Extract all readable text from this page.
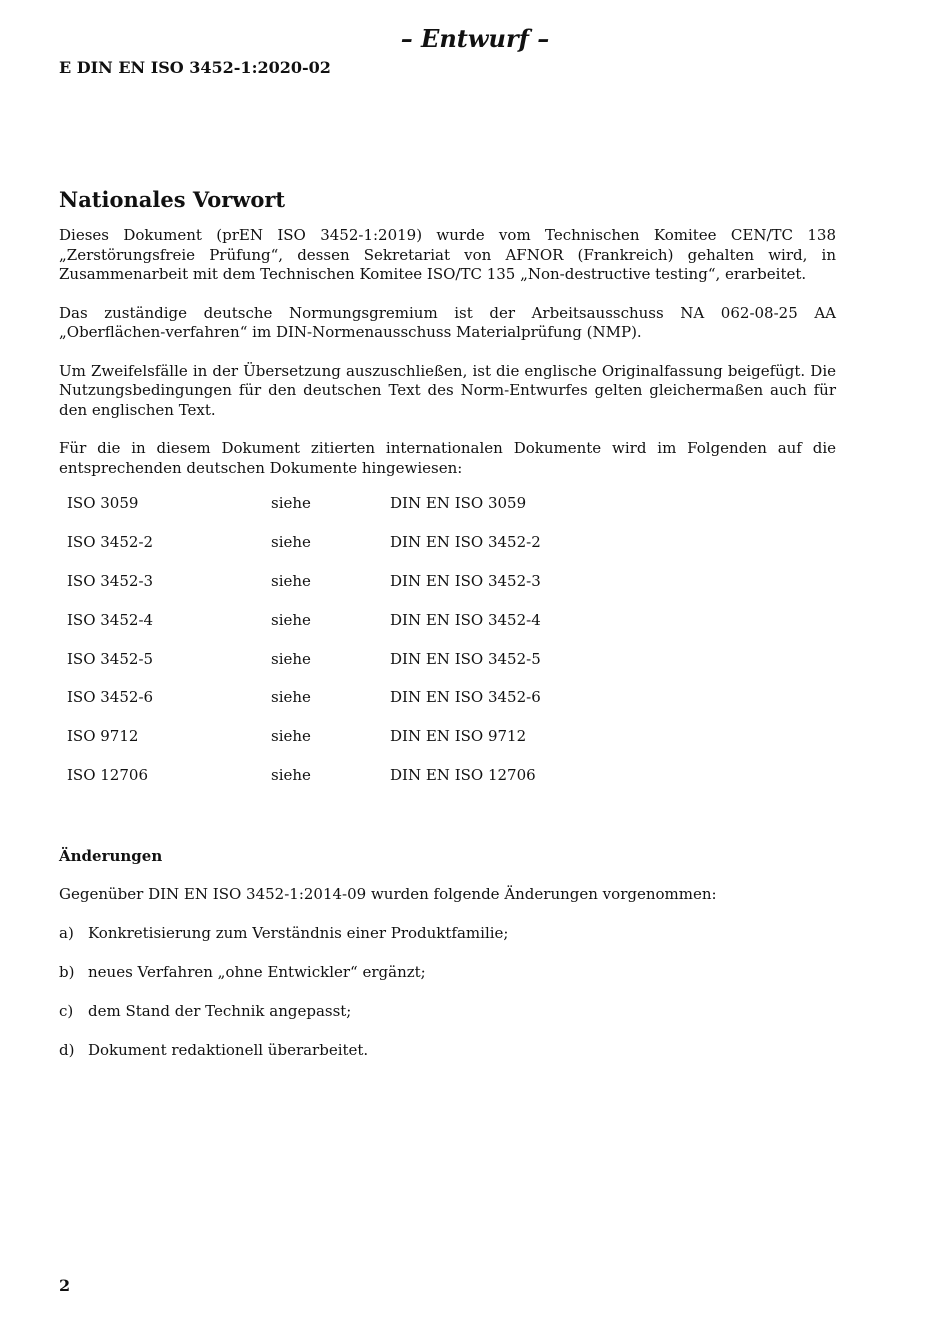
– Entwurf –
E DIN EN ISO 3452-1:2020-02
Nationales Vorwort

Dieses Dokument (prEN ISO 3452-1:2019) wurde vom Technischen Komitee CEN/TC 138 „Zerstörungsfreie Prüfung“, dessen Sekretariat von AFNOR (Frankreich) gehalten wird, in Zusammenarbeit mit dem Technischen Komitee ISO/TC 135 „Non-destructive testing“, erarbeitet.

Das zuständige deutsche Normungsgremium ist der Arbeitsausschuss NA 062-08-25 AA „Oberflächen-verfahren“ im DIN-Normenausschuss Materialprüfung (NMP).

Um Zweifelsfälle in der Übersetzung auszuschließen, ist die englische Originalfassung beigefügt. Die Nutzungsbedingungen für den deutschen Text des Norm-Entwurfes gelten gleichermaßen auch für den englischen Text.

Für die in diesem Dokument zitierten internationalen Dokumente wird im Folgenden auf die entsprechenden deutschen Dokumente hingewiesen:

ISO 3059	siehe	DIN EN ISO 3059
ISO 3452-2	siehe	DIN EN ISO 3452-2
ISO 3452-3	siehe	DIN EN ISO 3452-3
ISO 3452-4	siehe	DIN EN ISO 3452-4
ISO 3452-5	siehe	DIN EN ISO 3452-5
ISO 3452-6	siehe	DIN EN ISO 3452-6
ISO 9712	siehe	DIN EN ISO 9712
ISO 12706	siehe	DIN EN ISO 12706
Änderungen

Gegenüber DIN EN ISO 3452-1:2014-09 wurden folgende Änderungen vorgenommen:

a) Konkretisierung zum Verständnis einer Produktfamilie;
b) neues Verfahren „ohne Entwickler“ ergänzt;
c) dem Stand der Technik angepasst;
d) Dokument redaktionell überarbeitet.
2
